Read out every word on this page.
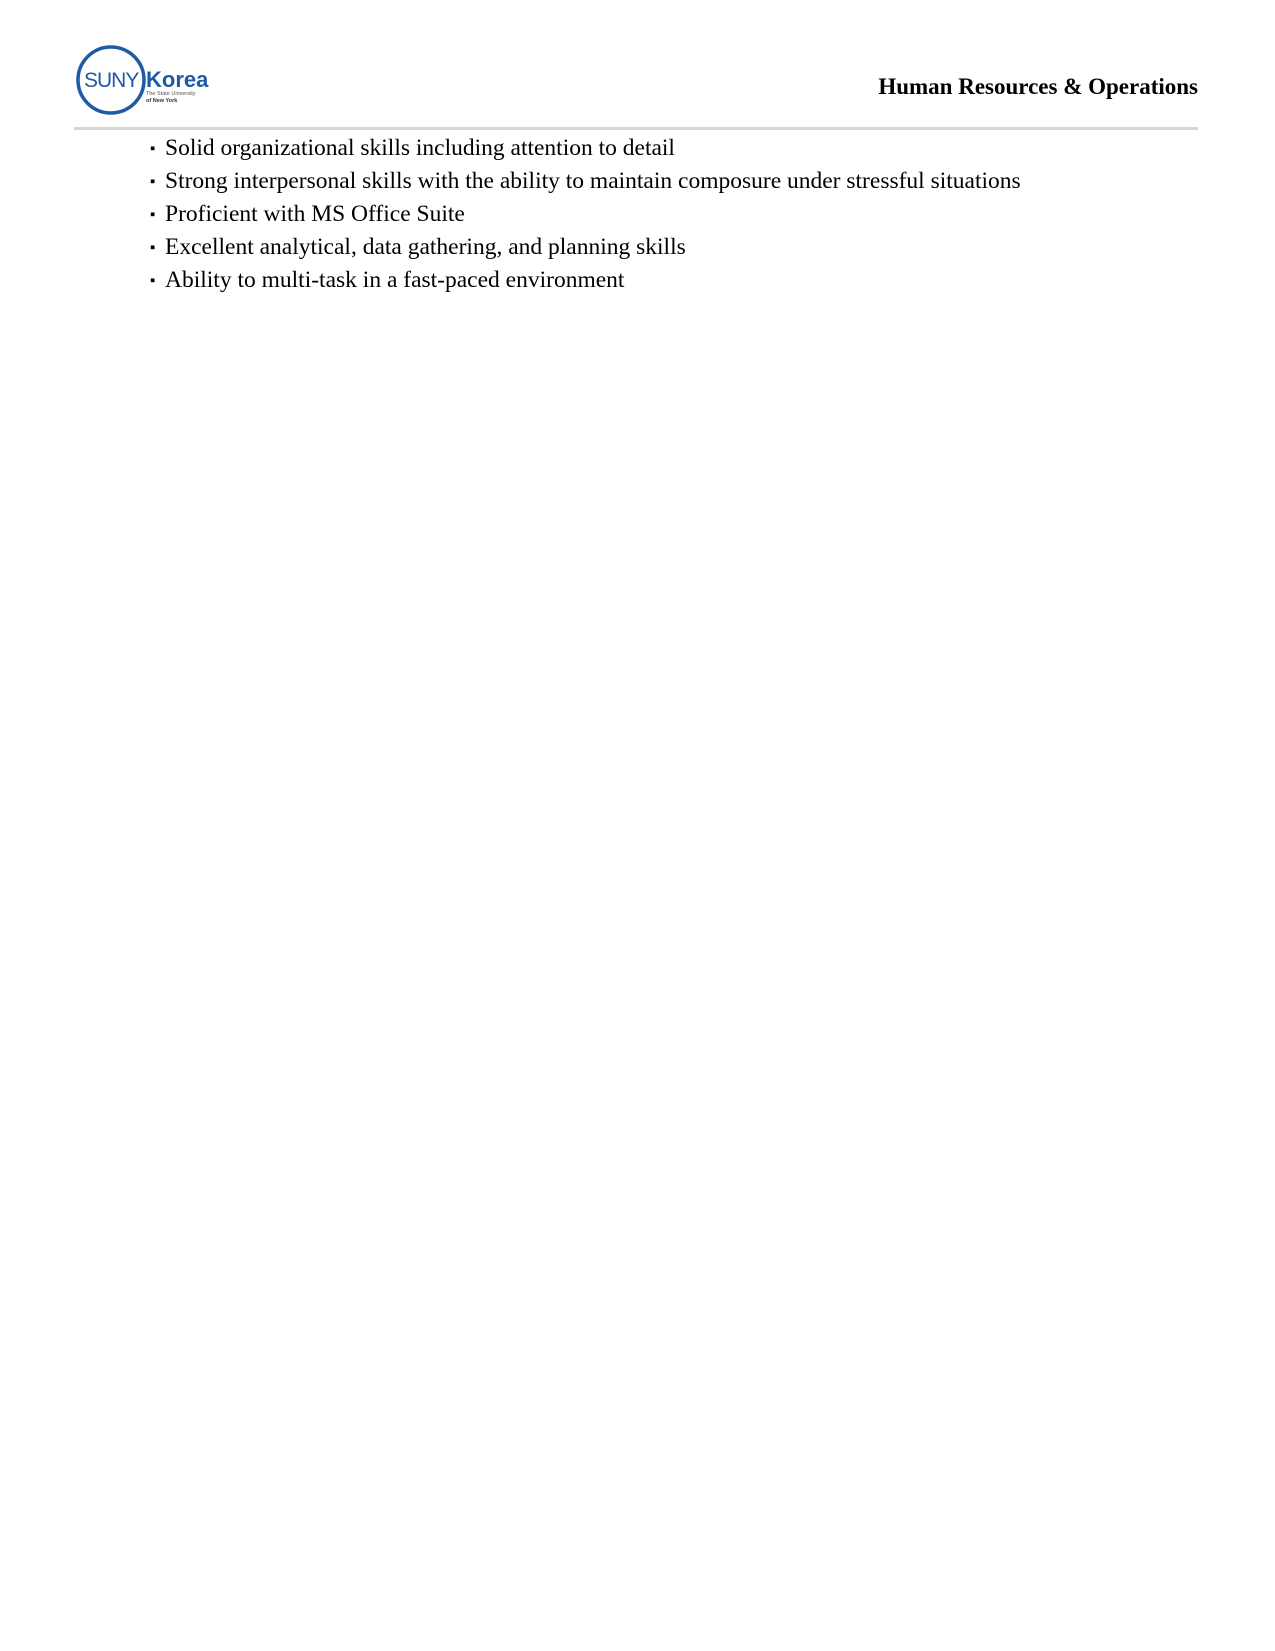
SUNY Korea
The State University
of New York
Human Resources & Operations
▪ Solid organizational skills including attention to detail
▪ Strong interpersonal skills with the ability to maintain composure under stressful situations
▪ Proficient with MS Office Suite
▪ Excellent analytical, data gathering, and planning skills
▪ Ability to multi-task in a fast-paced environment
